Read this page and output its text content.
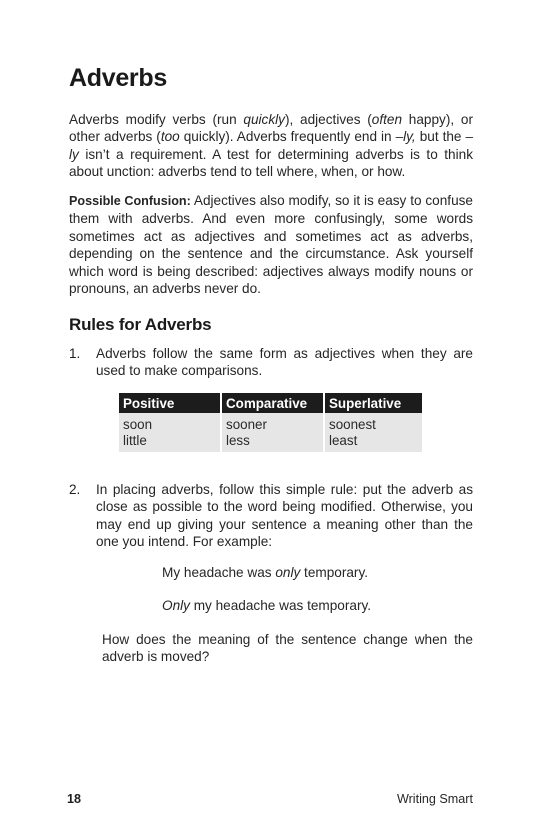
Adverbs

Adverbs modify verbs (run quickly), adjectives (often happy), or other adverbs (too quickly). Adverbs frequently end in –ly, but the –ly isn’t a requirement. A test for determining adverbs is to think about unction: adverbs tend to tell where, when, or how.

Possible Confusion: Adjectives also modify, so it is easy to confuse them with adverbs. And even more confusingly, some words sometimes act as adjectives and sometimes act as adverbs, depending on the sentence and the circumstance. Ask yourself which word is being described: adjectives always modify nouns or pronouns, an adverbs never do.

Rules for Adverbs
1. Adverbs follow the same form as adjectives when they are used to make comparisons.
Positive	Comparative	Superlative
soon	sooner	soonest
little	less	least
2. In placing adverbs, follow this simple rule: put the adverb as close as possible to the word being modified. Otherwise, you may end up giving your sentence a meaning other than the one you intend. For example:
My headache was only temporary.
Only my headache was temporary.

How does the meaning of the sentence change when the adverb is moved?

18	Writing Smart
